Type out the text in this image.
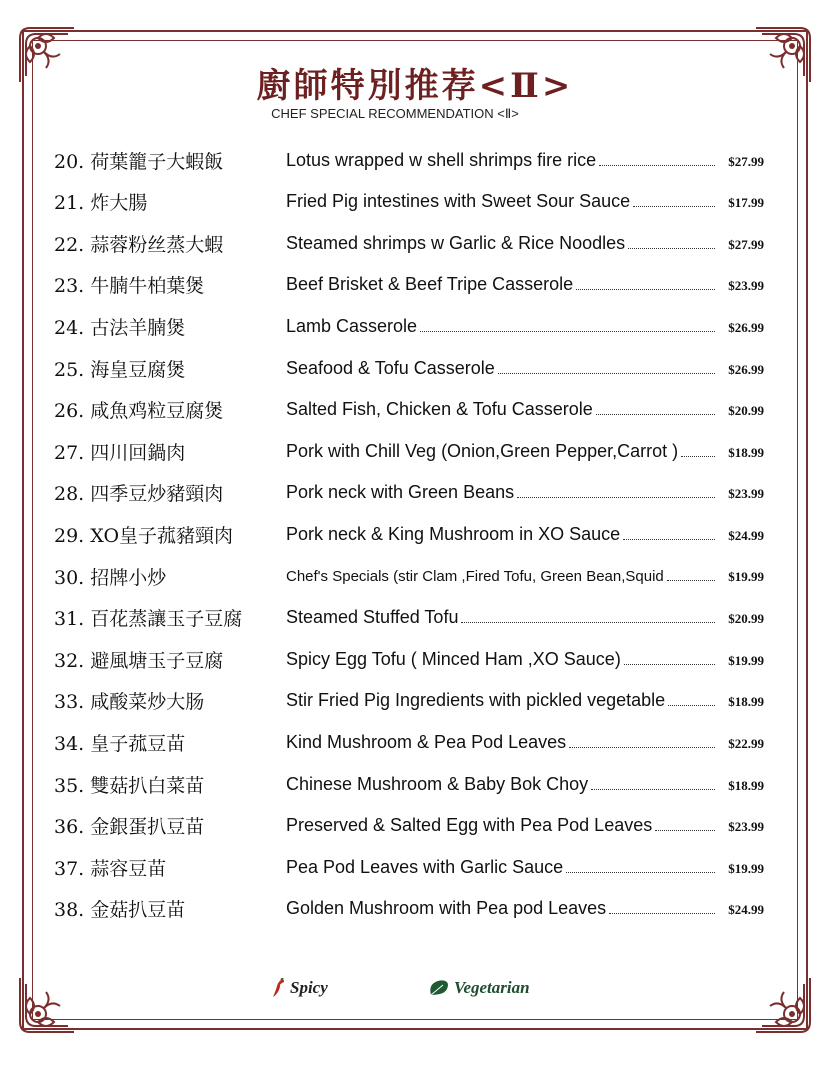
廚師特別推荐<Ⅱ>
CHEF SPECIAL RECOMMENDATION <Ⅱ>
20. 荷葉籠子大蝦飯	Lotus wrapped w shell shrimps fire rice	$27.99
21. 炸大腸	Fried Pig intestines with Sweet Sour Sauce	$17.99
22. 蒜蓉粉丝蒸大蝦	Steamed shrimps w Garlic & Rice Noodles	$27.99
23. 牛腩牛柏葉煲	Beef Brisket & Beef Tripe Casserole	$23.99
24. 古法羊腩煲	Lamb Casserole	$26.99
25. 海皇豆腐煲	Seafood & Tofu Casserole	$26.99
26. 咸魚鸡粒豆腐煲	Salted Fish, Chicken & Tofu Casserole	$20.99
27. 四川回鍋肉	Pork with Chill Veg (Onion,Green Pepper,Carrot )	$18.99
28. 四季豆炒豬頸肉	Pork neck with Green Beans	$23.99
29. XO皇子菰豬頸肉	Pork neck & King Mushroom in XO Sauce	$24.99
30. 招牌小炒	Chef's Specials (stir Clam ,Fired Tofu, Green Bean,Squid	$19.99
31. 百花蒸讓玉子豆腐	Steamed Stuffed Tofu	$20.99
32. 避風塘玉子豆腐	Spicy Egg Tofu ( Minced Ham ,XO Sauce)	$19.99
33. 咸酸菜炒大肠	Stir Fried Pig Ingredients with pickled vegetable	$18.99
34. 皇子菰豆苗	Kind Mushroom & Pea Pod Leaves	$22.99
35. 雙菇扒白菜苗	Chinese Mushroom & Baby Bok Choy	$18.99
36. 金銀蛋扒豆苗	Preserved & Salted Egg with Pea Pod Leaves	$23.99
37. 蒜容豆苗	Pea Pod Leaves with Garlic Sauce	$19.99
38. 金菇扒豆苗	Golden Mushroom with Pea pod Leaves	$24.99
Spicy	Vegetarian
